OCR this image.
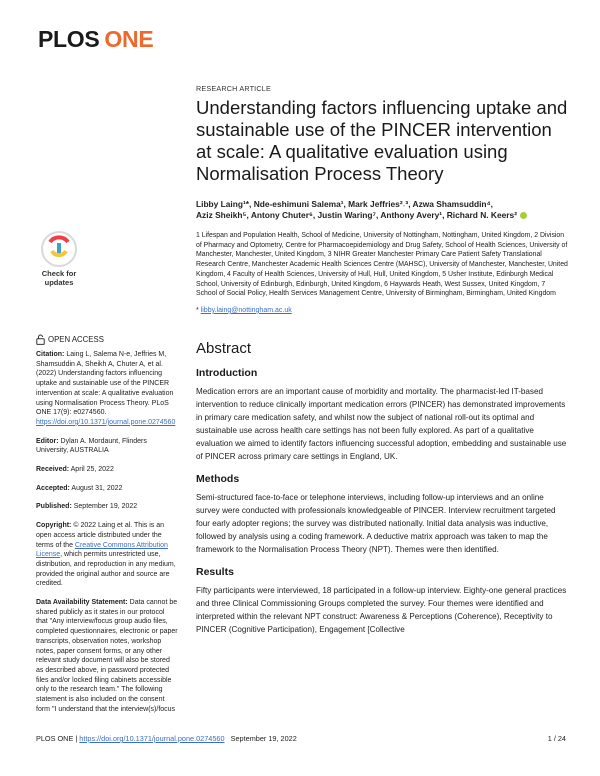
PLOS ONE
Check for
updates
OPEN ACCESS

Citation: Laing L, Salema N-e, Jeffries M, Shamsuddin A, Sheikh A, Chuter A, et al. (2022) Understanding factors influencing uptake and sustainable use of the PINCER intervention at scale: A qualitative evaluation using Normalisation Process Theory. PLoS ONE 17(9): e0274560. https://doi.org/10.1371/journal.pone.0274560

Editor: Dylan A. Mordaunt, Flinders University, AUSTRALIA

Received: April 25, 2022

Accepted: August 31, 2022

Published: September 19, 2022

Copyright: © 2022 Laing et al. This is an open access article distributed under the terms of the Creative Commons Attribution License, which permits unrestricted use, distribution, and reproduction in any medium, provided the original author and source are credited.

Data Availability Statement: Data cannot be shared publicly as it states in our protocol that "Any interview/focus group audio files, completed questionnaires, electronic or paper transcripts, observation notes, workshop notes, paper consent forms, or any other relevant study document will also be stored as described above, in password protected files and/or locked filing cabinets accessible only to the research team." The following statement is also included on the consent form "I understand that the interview(s)/focus

RESEARCH ARTICLE
Understanding factors influencing uptake and sustainable use of the PINCER intervention at scale: A qualitative evaluation using Normalisation Process Theory
Libby Laing¹*, Nde-eshimuni Salema¹, Mark Jeffries²˒³, Azwa Shamsuddin⁴,
Aziz Sheikh⁵, Antony Chuter⁶, Justin Waring⁷, Anthony Avery¹, Richard N. Keers²
1 Lifespan and Population Health, School of Medicine, University of Nottingham, Nottingham, United Kingdom, 2 Division of Pharmacy and Optometry, Centre for Pharmacoepidemiology and Drug Safety, School of Health Sciences, University of Manchester, Manchester, United Kingdom, 3 NIHR Greater Manchester Primary Care Patient Safety Translational Research Centre, Manchester Academic Health Sciences Centre (MAHSC), University of Manchester, Manchester, United Kingdom, 4 Faculty of Health Sciences, University of Hull, Hull, United Kingdom, 5 Usher Institute, Edinburgh Medical School, University of Edinburgh, Edinburgh, United Kingdom, 6 Haywards Heath, West Sussex, United Kingdom, 7 School of Social Policy, Health Services Management Centre, University of Birmingham, Birmingham, United Kingdom
* libby.laing@nottingham.ac.uk
Abstract
Introduction
Medication errors are an important cause of morbidity and mortality. The pharmacist-led IT-based intervention to reduce clinically important medication errors (PINCER) has demonstrated improvements in primary care medication safety, and whilst now the subject of national roll-out its optimal and sustainable use across health care settings has not been fully explored. As part of a qualitative evaluation we aimed to identify factors influencing successful adoption, embedding and sustainable use of PINCER across primary care settings in England, UK.
Methods
Semi-structured face-to-face or telephone interviews, including follow-up interviews and an online survey were conducted with professionals knowledgeable of PINCER. Interview recruitment targeted four early adopter regions; the survey was distributed nationally. Initial data analysis was inductive, followed by analysis using a coding framework. A deductive matrix approach was taken to map the framework to the Normalisation Process Theory (NPT). Themes were then identified.
Results
Fifty participants were interviewed, 18 participated in a follow-up interview. Eighty-one general practices and three Clinical Commissioning Groups completed the survey. Four themes were identified and interpreted within the relevant NPT construct: Awareness & Perceptions (Coherence), Receptivity to PINCER (Cognitive Participation), Engagement [Collective
PLOS ONE | https://doi.org/10.1371/journal.pone.0274560 September 19, 2022	1 / 24
